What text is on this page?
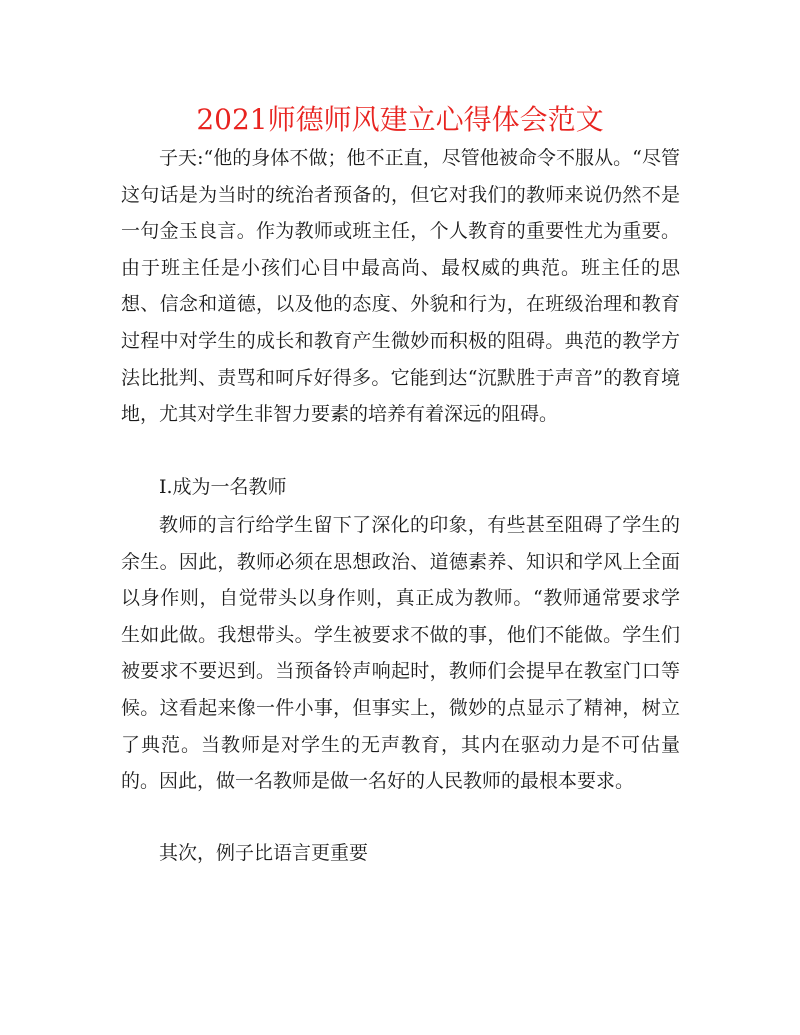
2021师德师风建立心得体会范文

子天:“他的身体不做；他不正直，尽管他被命令不服从。“尽管这句话是为当时的统治者预备的，但它对我们的教师来说仍然不是一句金玉良言。作为教师或班主任，个人教育的重要性尤为重要。由于班主任是小孩们心目中最高尚、最权威的典范。班主任的思想、信念和道德，以及他的态度、外貌和行为，在班级治理和教育过程中对学生的成长和教育产生微妙而积极的阻碍。典范的教学方法比批判、责骂和呵斥好得多。它能到达“沉默胜于声音”的教育境地，尤其对学生非智力要素的培养有着深远的阻碍。

Ⅰ.成为一名教师

教师的言行给学生留下了深化的印象，有些甚至阻碍了学生的余生。因此，教师必须在思想政治、道德素养、知识和学风上全面以身作则，自觉带头以身作则，真正成为教师。“教师通常要求学生如此做。我想带头。学生被要求不做的事，他们不能做。学生们被要求不要迟到。当预备铃声响起时，教师们会提早在教室门口等候。这看起来像一件小事，但事实上，微妙的点显示了精神，树立了典范。当教师是对学生的无声教育，其内在驱动力是不可估量的。因此，做一名教师是做一名好的人民教师的最根本要求。

其次，例子比语言更重要
